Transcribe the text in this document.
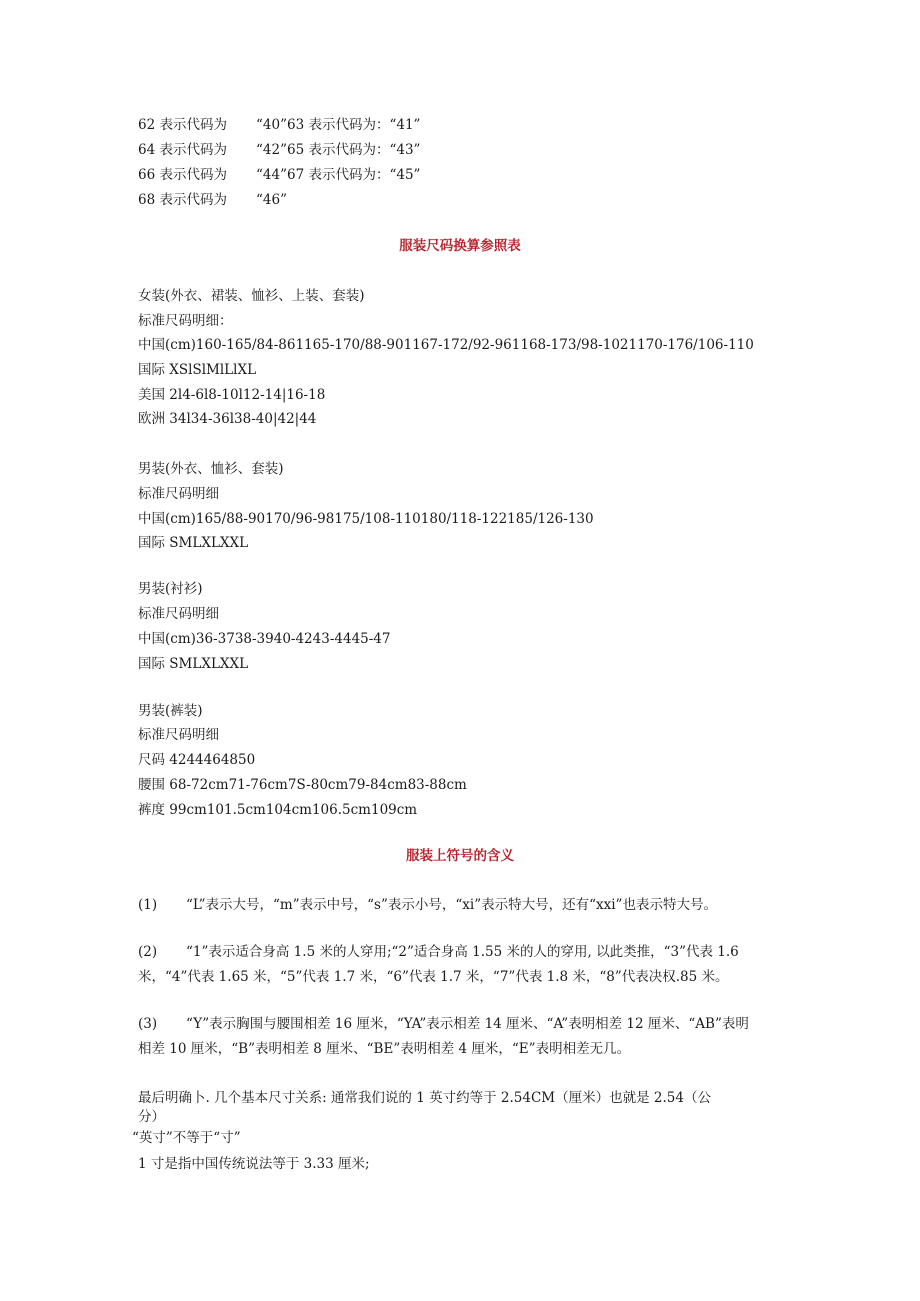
62 表示代码为 “40”63 表示代码为：“41”
64 表示代码为 “42”65 表示代码为：“43”
66 表示代码为 “44”67 表示代码为：“45”
68 表示代码为 “46”
服装尺码换算参照表
女装(外衣、裙装、恤衫、上装、套装)
标准尺码明细：
中国(cm)160-165/84-861165-170/88-901167-172/92-961168-173/98-1021170-176/106-110
国际 XSlSlMlLlXL
美国 2l4-6l8-10l12-14|16-18
欧洲 34l34-36l38-40|42|44
男装(外衣、恤衫、套装)
标准尺码明细
中国(cm)165/88-90170/96-98175/108-110180/118-122185/126-130
国际 SMLXLXXL
男装(衬衫)
标准尺码明细
中国(cm)36-3738-3940-4243-4445-47
国际 SMLXLXXL
男装(裤装)
标准尺码明细
尺码 4244464850
腰围 68-72cm71-76cm7S-80cm79-84cm83-88cm
裤度 99cm101.5cm104cm106.5cm109cm
服装上符号的含义
(1) “L”表示大号，“m”表示中号，“s”表示小号，“xi”表示特大号，还有“xxi”也表示特大号。
(2) “1”表示适合身高 1.5 米的人穿用;“2”适合身高 1.55 米的人的穿用, 以此类推，“3”代表 1.6
米，“4”代表 1.65 米，“5”代表 1.7 米，“6”代表 1.7 米，“7”代表 1.8 米，“8”代表决权.85 米。
(3) “Y”表示胸围与腰围相差 16 厘米，“YA”表示相差 14 厘米、“A”表明相差 12 厘米、“AB”表明
相差 10 厘米，“B”表明相差 8 厘米、“BE”表明相差 4 厘米，“E”表明相差无几。
最后明确卜. 几个基本尺寸关系: 通常我们说的 1 英寸约等于 2.54CM（厘米）也就是 2.54（公
分）
“英寸”不等于“寸”
1 寸是指中国传统说法等于 3.33 厘米;
